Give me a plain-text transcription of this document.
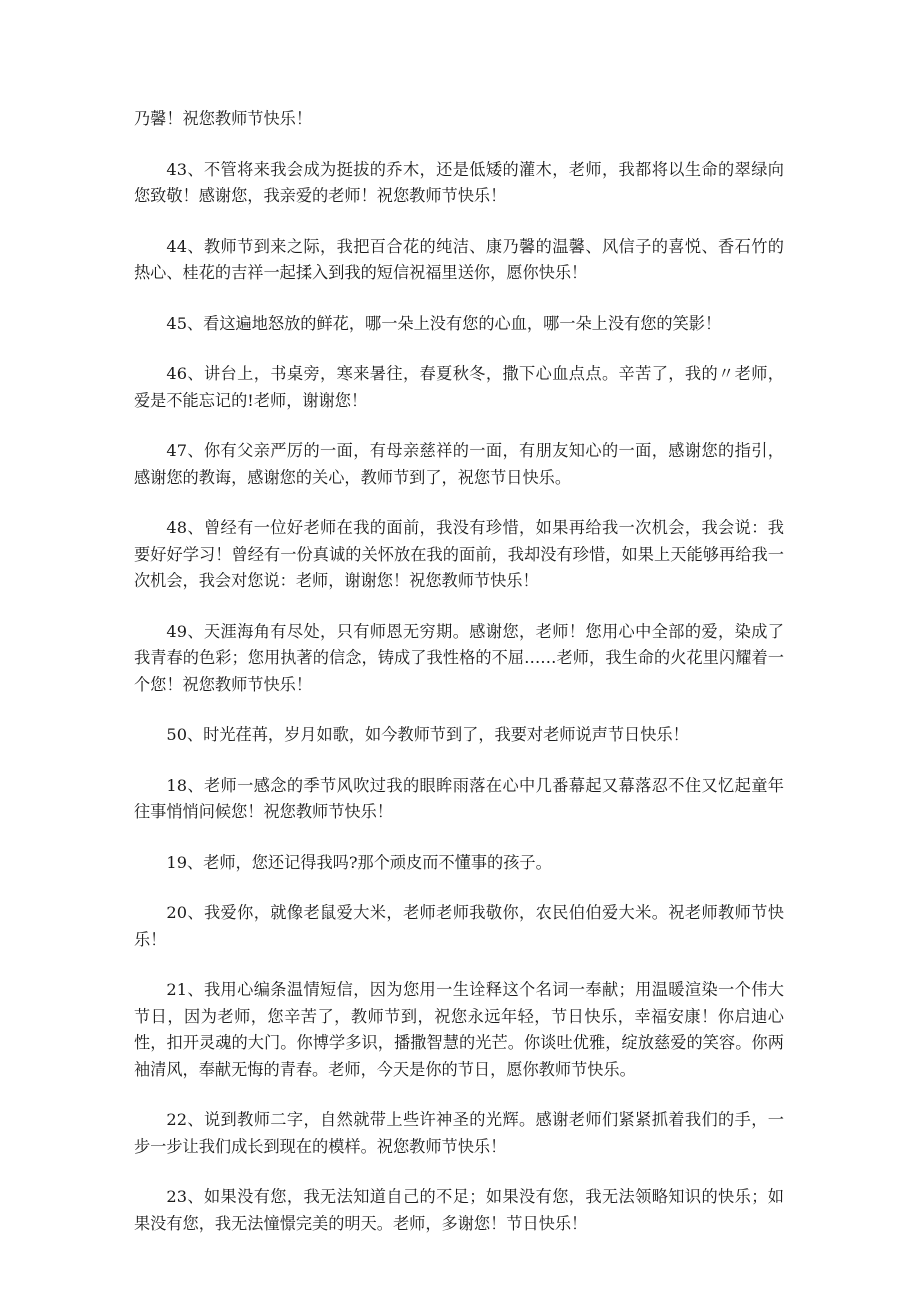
乃馨！祝您教师节快乐！

43、不管将来我会成为挺拔的乔木，还是低矮的灌木，老师，我都将以生命的翠绿向您致敬！感谢您，我亲爱的老师！祝您教师节快乐！

44、教师节到来之际，我把百合花的纯洁、康乃馨的温馨、风信子的喜悦、香石竹的热心、桂花的吉祥一起揉入到我的短信祝福里送你，愿你快乐！

45、看这遍地怒放的鲜花，哪一朵上没有您的心血，哪一朵上没有您的笑影！

46、讲台上，书桌旁，寒来暑往，春夏秋冬，撒下心血点点。辛苦了，我的〃老师，爱是不能忘记的!老师，谢谢您！

47、你有父亲严厉的一面，有母亲慈祥的一面，有朋友知心的一面，感谢您的指引，感谢您的教诲，感谢您的关心，教师节到了，祝您节日快乐。

48、曾经有一位好老师在我的面前，我没有珍惜，如果再给我一次机会，我会说：我要好好学习！曾经有一份真诚的关怀放在我的面前，我却没有珍惜，如果上天能够再给我一次机会，我会对您说：老师，谢谢您！祝您教师节快乐！

49、天涯海角有尽处，只有师恩无穷期。感谢您，老师！您用心中全部的爱，染成了我青春的色彩；您用执著的信念，铸成了我性格的不屈……老师，我生命的火花里闪耀着一个您！祝您教师节快乐！

50、时光荏苒，岁月如歌，如今教师节到了，我要对老师说声节日快乐！

18、老师一感念的季节风吹过我的眼眸雨落在心中几番幕起又幕落忍不住又忆起童年往事悄悄问候您！祝您教师节快乐！

19、老师，您还记得我吗?那个顽皮而不懂事的孩子。

20、我爱你，就像老鼠爱大米，老师老师我敬你，农民伯伯爱大米。祝老师教师节快乐！

21、我用心编条温情短信，因为您用一生诠释这个名词一奉献；用温暖渲染一个伟大节日，因为老师，您辛苦了，教师节到，祝您永远年轻，节日快乐，幸福安康！你启迪心性，扣开灵魂的大门。你博学多识，播撒智慧的光芒。你谈吐优雅，绽放慈爱的笑容。你两袖清风，奉献无悔的青春。老师，今天是你的节日，愿你教师节快乐。

22、说到教师二字，自然就带上些许神圣的光辉。感谢老师们紧紧抓着我们的手，一步一步让我们成长到现在的模样。祝您教师节快乐！

23、如果没有您，我无法知道自己的不足；如果没有您，我无法领略知识的快乐；如果没有您，我无法憧憬完美的明天。老师，多谢您！节日快乐！
